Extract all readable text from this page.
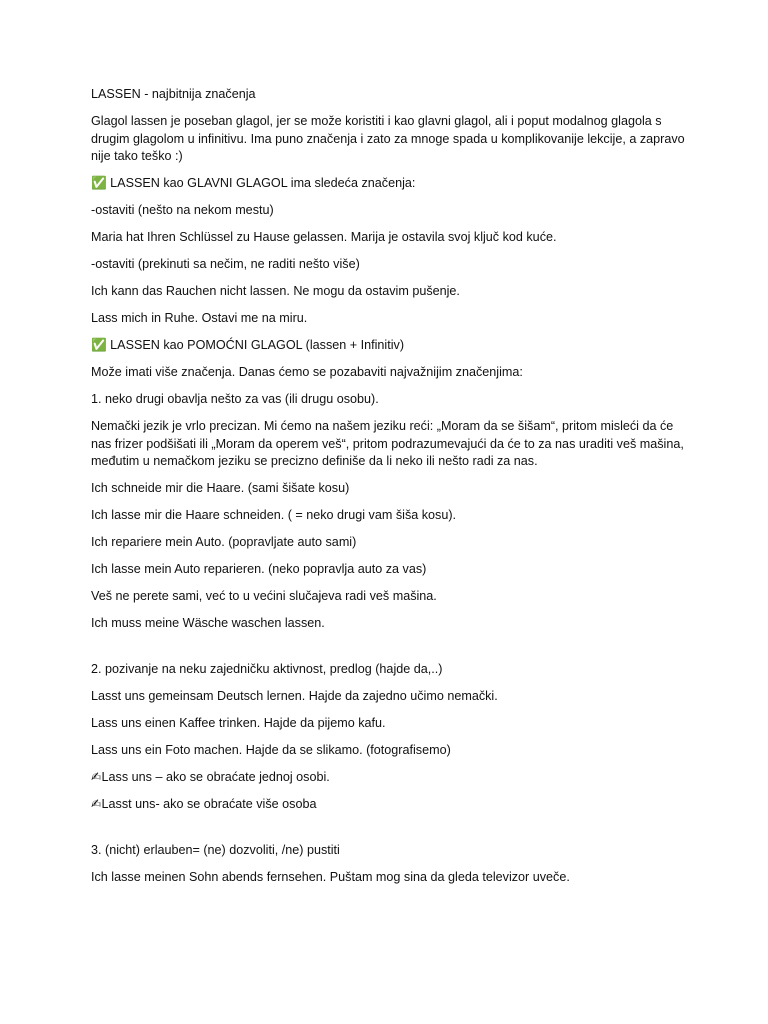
LASSEN - najbitnija značenja

Glagol lassen je poseban glagol, jer se može koristiti i kao glavni glagol, ali i poput modalnog glagola s drugim glagolom u infinitivu. Ima puno značenja i zato za mnoge spada u komplikovanije lekcije, a zapravo nije tako teško :)

✅ LASSEN kao GLAVNI GLAGOL ima sledeća značenja:

-ostaviti (nešto na nekom mestu)

Maria hat Ihren Schlüssel zu Hause gelassen. Marija je ostavila svoj ključ kod kuće.

-ostaviti (prekinuti sa nečim, ne raditi nešto više)

Ich kann das Rauchen nicht lassen. Ne mogu da ostavim pušenje.

Lass mich in Ruhe. Ostavi me na miru.

✅ LASSEN kao POMOĆNI GLAGOL (lassen + Infinitiv)

Može imati više značenja. Danas ćemo se pozabaviti najvažnijim značenjima:

1. neko drugi obavlja nešto za vas (ili drugu osobu).

Nemački jezik je vrlo precizan. Mi ćemo na našem jeziku reći: „Moram da se šišam“, pritom misleći da će nas frizer podšišati ili „Moram da operem veš“, pritom podrazumevajući da će to za nas uraditi veš mašina, međutim u nemačkom jeziku se precizno definiše da li neko ili nešto radi za nas.

Ich schneide mir die Haare. (sami šišate kosu)

Ich lasse mir die Haare schneiden. ( = neko drugi vam šiša kosu).

Ich repariere mein Auto. (popravljate auto sami)

Ich lasse mein Auto reparieren. (neko popravlja auto za vas)

Veš ne perete sami, već to u većini slučajeva radi veš mašina.

Ich muss meine Wäsche waschen lassen.

2. pozivanje na neku zajedničku aktivnost, predlog (hajde da,..)

Lasst uns gemeinsam Deutsch lernen. Hajde da zajedno učimo nemački.

Lass uns einen Kaffee trinken. Hajde da pijemo kafu.

Lass uns ein Foto machen. Hajde da se slikamo. (fotografisemo)

✍Lass uns – ako se obraćate jednoj osobi.

✍Lasst uns- ako se obraćate više osoba

3. (nicht) erlauben= (ne) dozvoliti, /ne) pustiti

Ich lasse meinen Sohn abends fernsehen. Puštam mog sina da gleda televizor uveče.
